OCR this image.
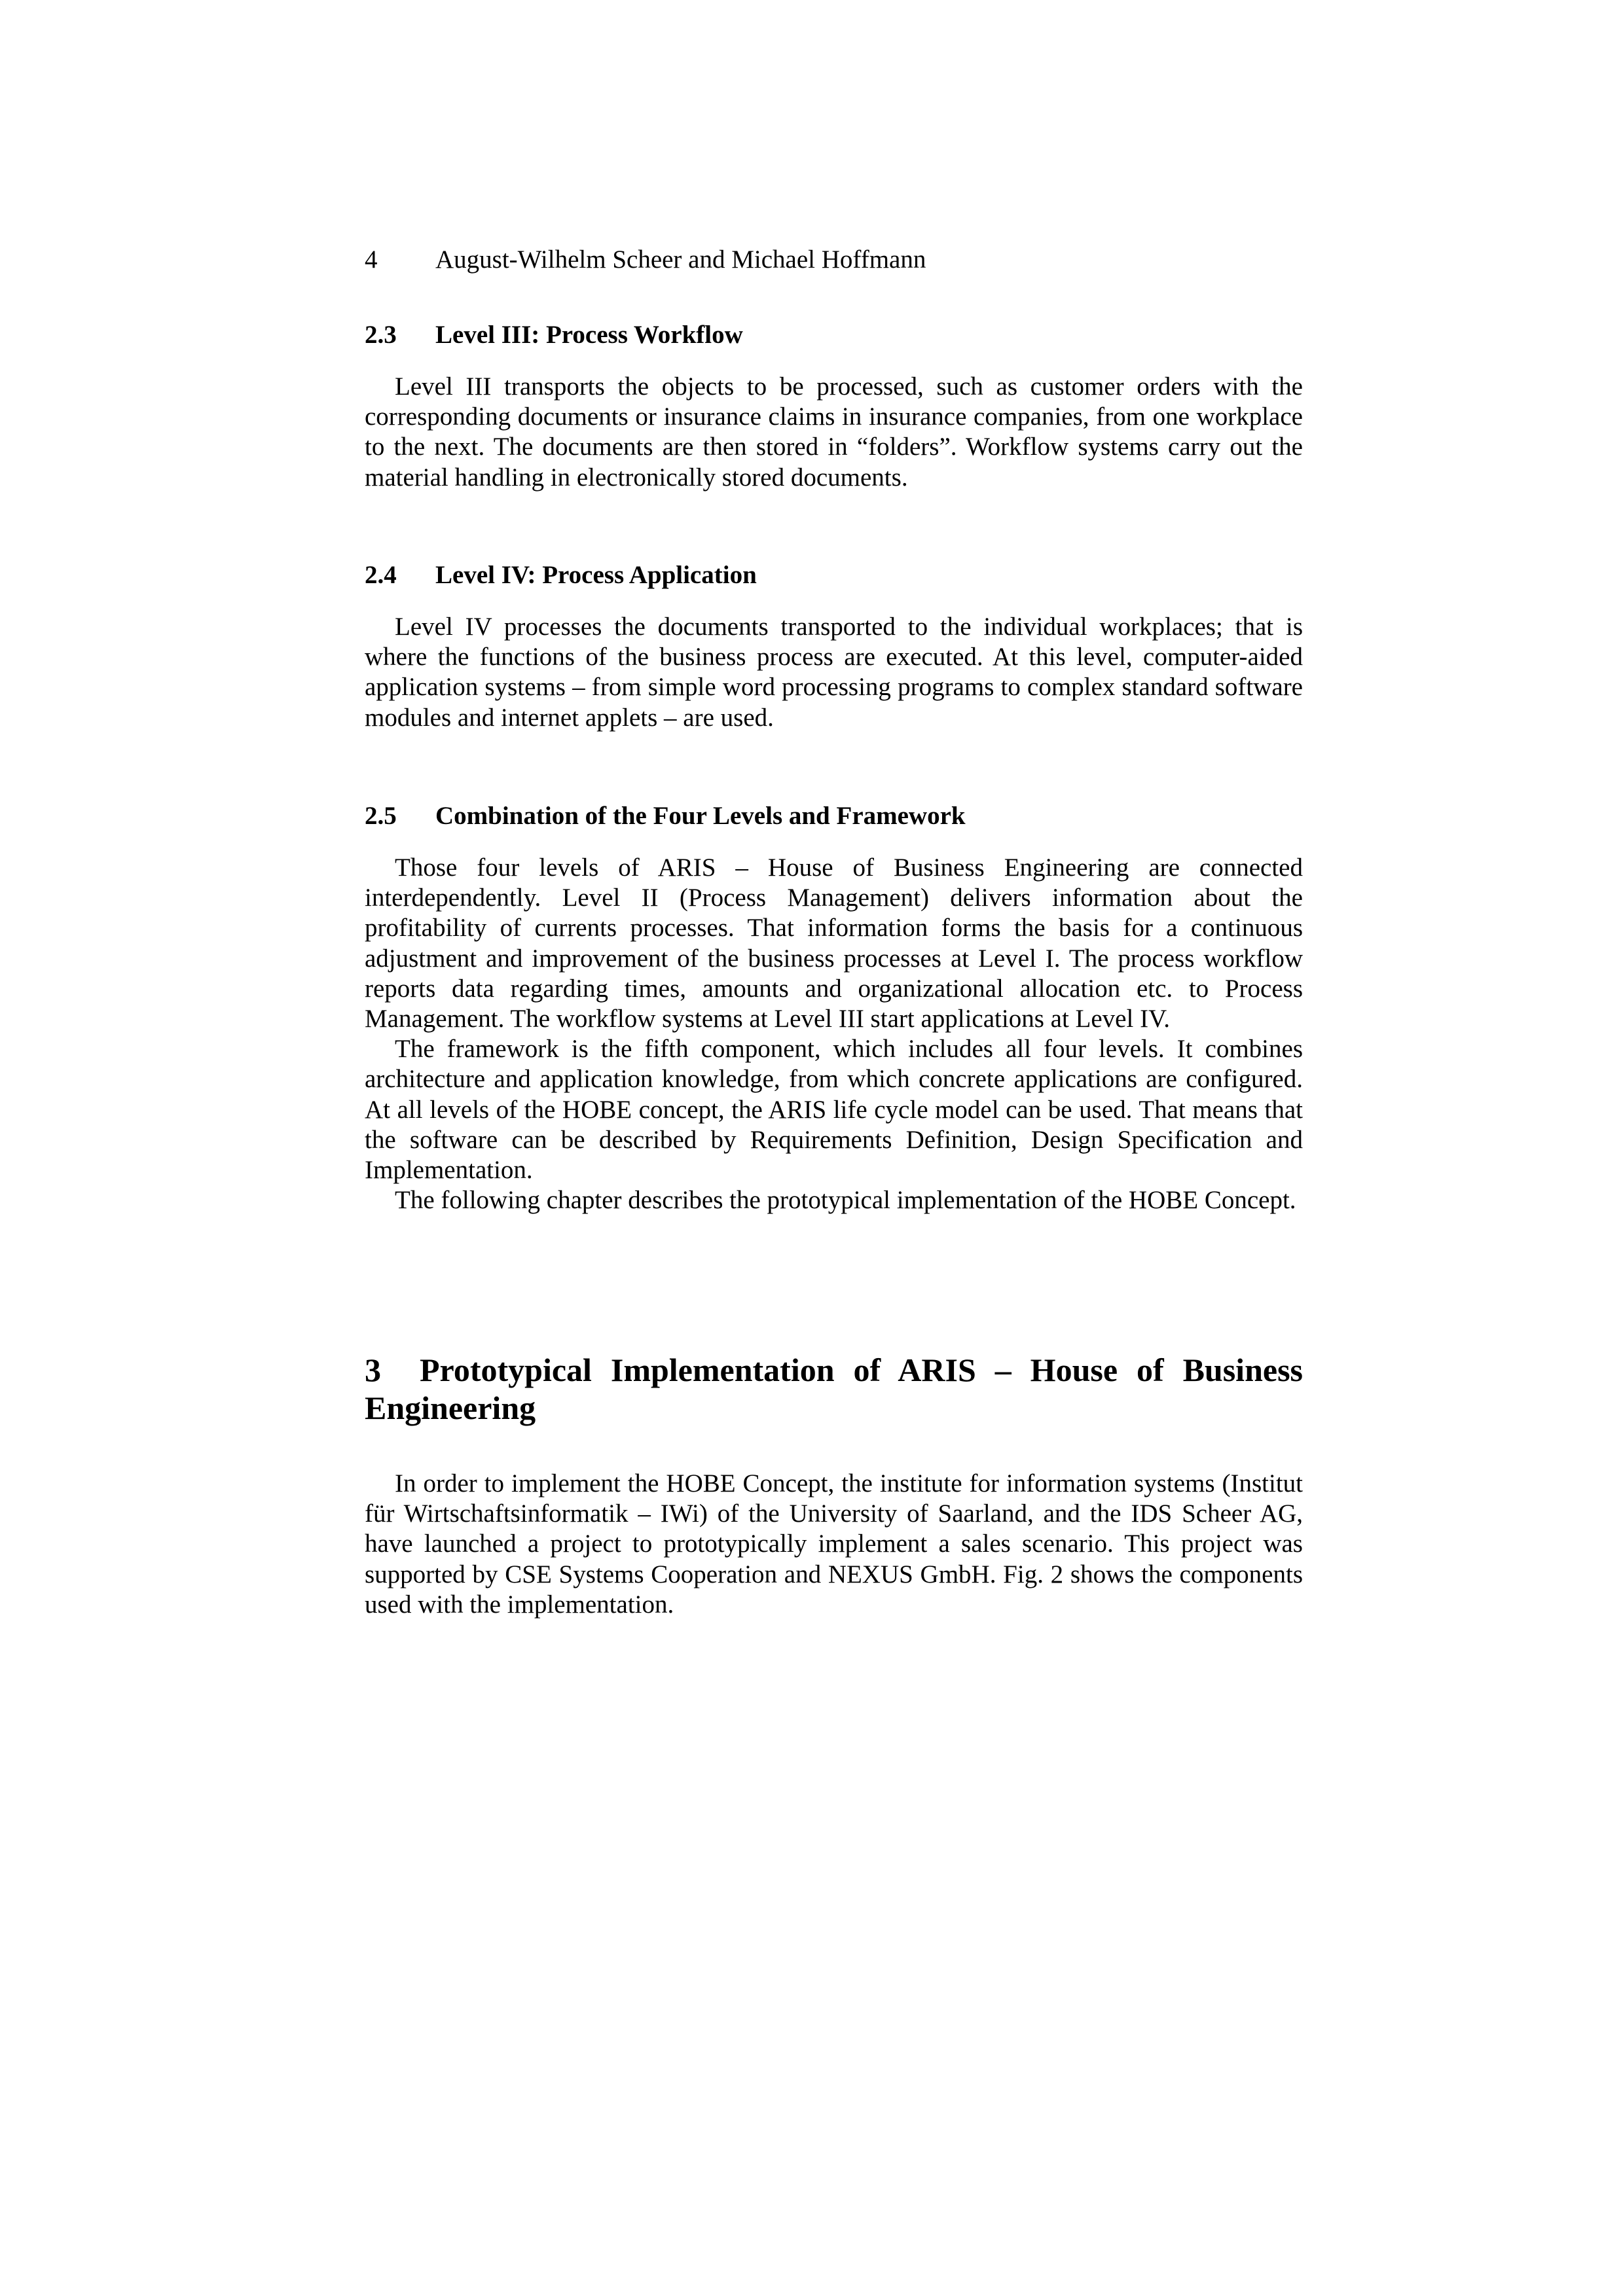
4 August-Wilhelm Scheer and Michael Hoffmann
2.3 Level III: Process Workflow

Level III transports the objects to be processed, such as customer orders with the corresponding documents or insurance claims in insurance companies, from one workplace to the next. The documents are then stored in “folders”. Workflow systems carry out the material handling in electronically stored documents.

2.4 Level IV: Process Application

Level IV processes the documents transported to the individual workplaces; that is where the functions of the business process are executed. At this level, computer-aided application systems – from simple word processing programs to complex standard software modules and internet applets – are used.

2.5 Combination of the Four Levels and Framework

Those four levels of ARIS – House of Business Engineering are connected interdependently. Level II (Process Management) delivers information about the profitability of currents processes. That information forms the basis for a continuous adjustment and improvement of the business processes at Level I. The process workflow reports data regarding times, amounts and organizational allocation etc. to Process Management. The workflow systems at Level III start applications at Level IV.

The framework is the fifth component, which includes all four levels. It combines architecture and application knowledge, from which concrete applications are configured. At all levels of the HOBE concept, the ARIS life cycle model can be used. That means that the software can be described by Requirements Definition, Design Specification and Implementation.

The following chapter describes the prototypical implementation of the HOBE Concept.

3 Prototypical Implementation of ARIS – House of Business Engineering

In order to implement the HOBE Concept, the institute for information systems (Institut für Wirtschaftsinformatik – IWi) of the University of Saarland, and the IDS Scheer AG, have launched a project to prototypically implement a sales scenario. This project was supported by CSE Systems Cooperation and NEXUS GmbH. Fig. 2 shows the components used with the implementation.
